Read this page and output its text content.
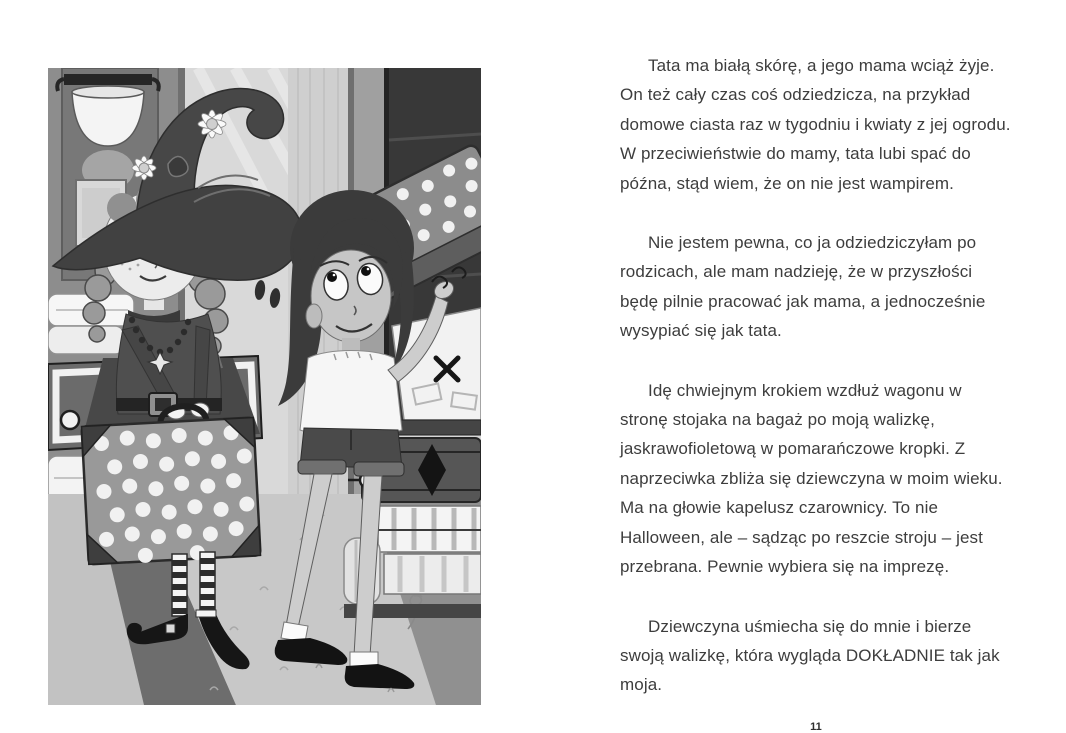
Tata ma białą skórę, a jego mama wciąż żyje. On też cały czas coś odziedzicza, na przykład domowe ciasta raz w tygodniu i kwiaty z jej ogrodu. W przeciwieństwie do mamy, tata lubi spać do późna, stąd wiem, że on nie jest wampirem.

Nie jestem pewna, co ja odziedziczyłam po rodzicach, ale mam nadzieję, że w przyszłości będę pilnie pracować jak mama, a jednocześnie wysypiać się jak tata.

Idę chwiejnym krokiem wzdłuż wagonu w stronę stojaka na bagaż po moją walizkę, jaskrawofioletową w pomarańczowe kropki. Z naprzeciwka zbliża się dziewczyna w moim wieku. Ma na głowie kapelusz czarownicy. To nie Halloween, ale – sądząc po reszcie stroju – jest przebrana. Pewnie wybiera się na imprezę.

Dziewczyna uśmiecha się do mnie i bierze swoją walizkę, która wygląda DOKŁADNIE tak jak moja.

11
